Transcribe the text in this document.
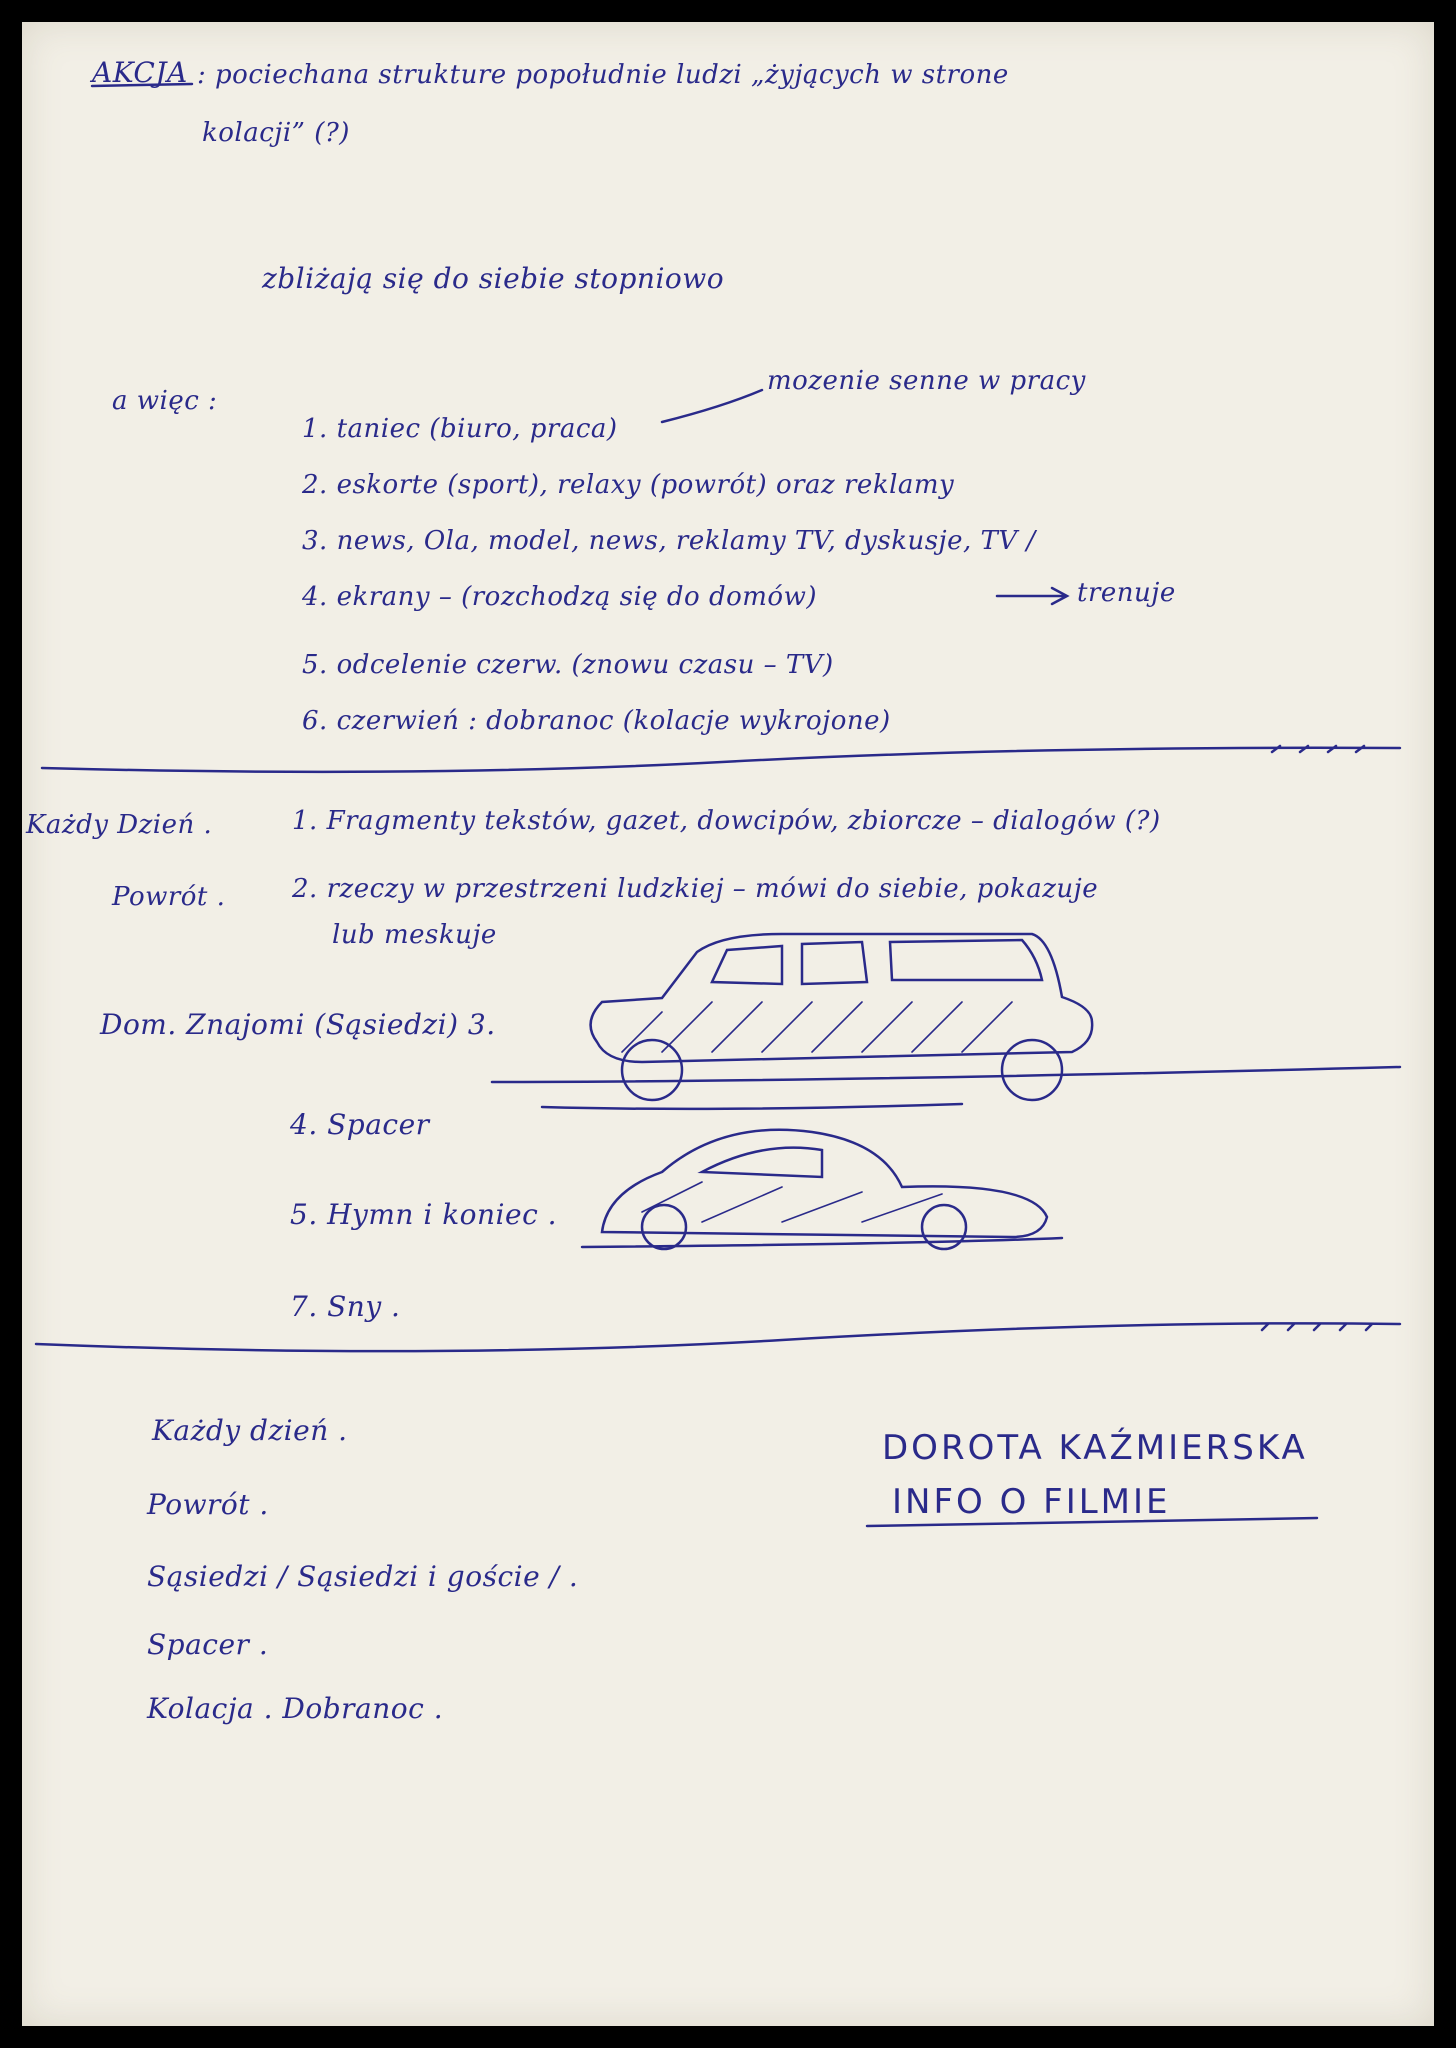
AKCJA : pociechana strukture popołudnie ludzi „żyjących w strone
kolacji” (?)
zbliżają się do siebie stopniowo
a więc :
mozenie senne w pracy
1. taniec (biuro, praca)
2. eskorte (sport), relaxy (powrót) oraz reklamy
3. news, Ola, model, news, reklamy TV, dyskusje, TV /
4. ekrany – (rozchodzą się do domów)	trenuje
5. odcelenie czerw. (znowu czasu – TV)
6. czerwień : dobranoc (kolacje wykrojone)
Każdy Dzień .
Powrót .
1. Fragmenty tekstów, gazet, dowcipów, zbiorcze – dialogów (?)
2. rzeczy w przestrzeni ludzkiej – mówi do siebie, pokazuje
lub meskuje
Dom. Znajomi (Sąsiedzi) 3.
4. Spacer
5. Hymn i koniec .
7. Sny .
Każdy dzień .
Powrót .
Sąsiedzi / Sąsiedzi i goście / .
Spacer .
Kolacja . Dobranoc .
DOROTA KAŹMIERSKA
INFO O FILMIE
